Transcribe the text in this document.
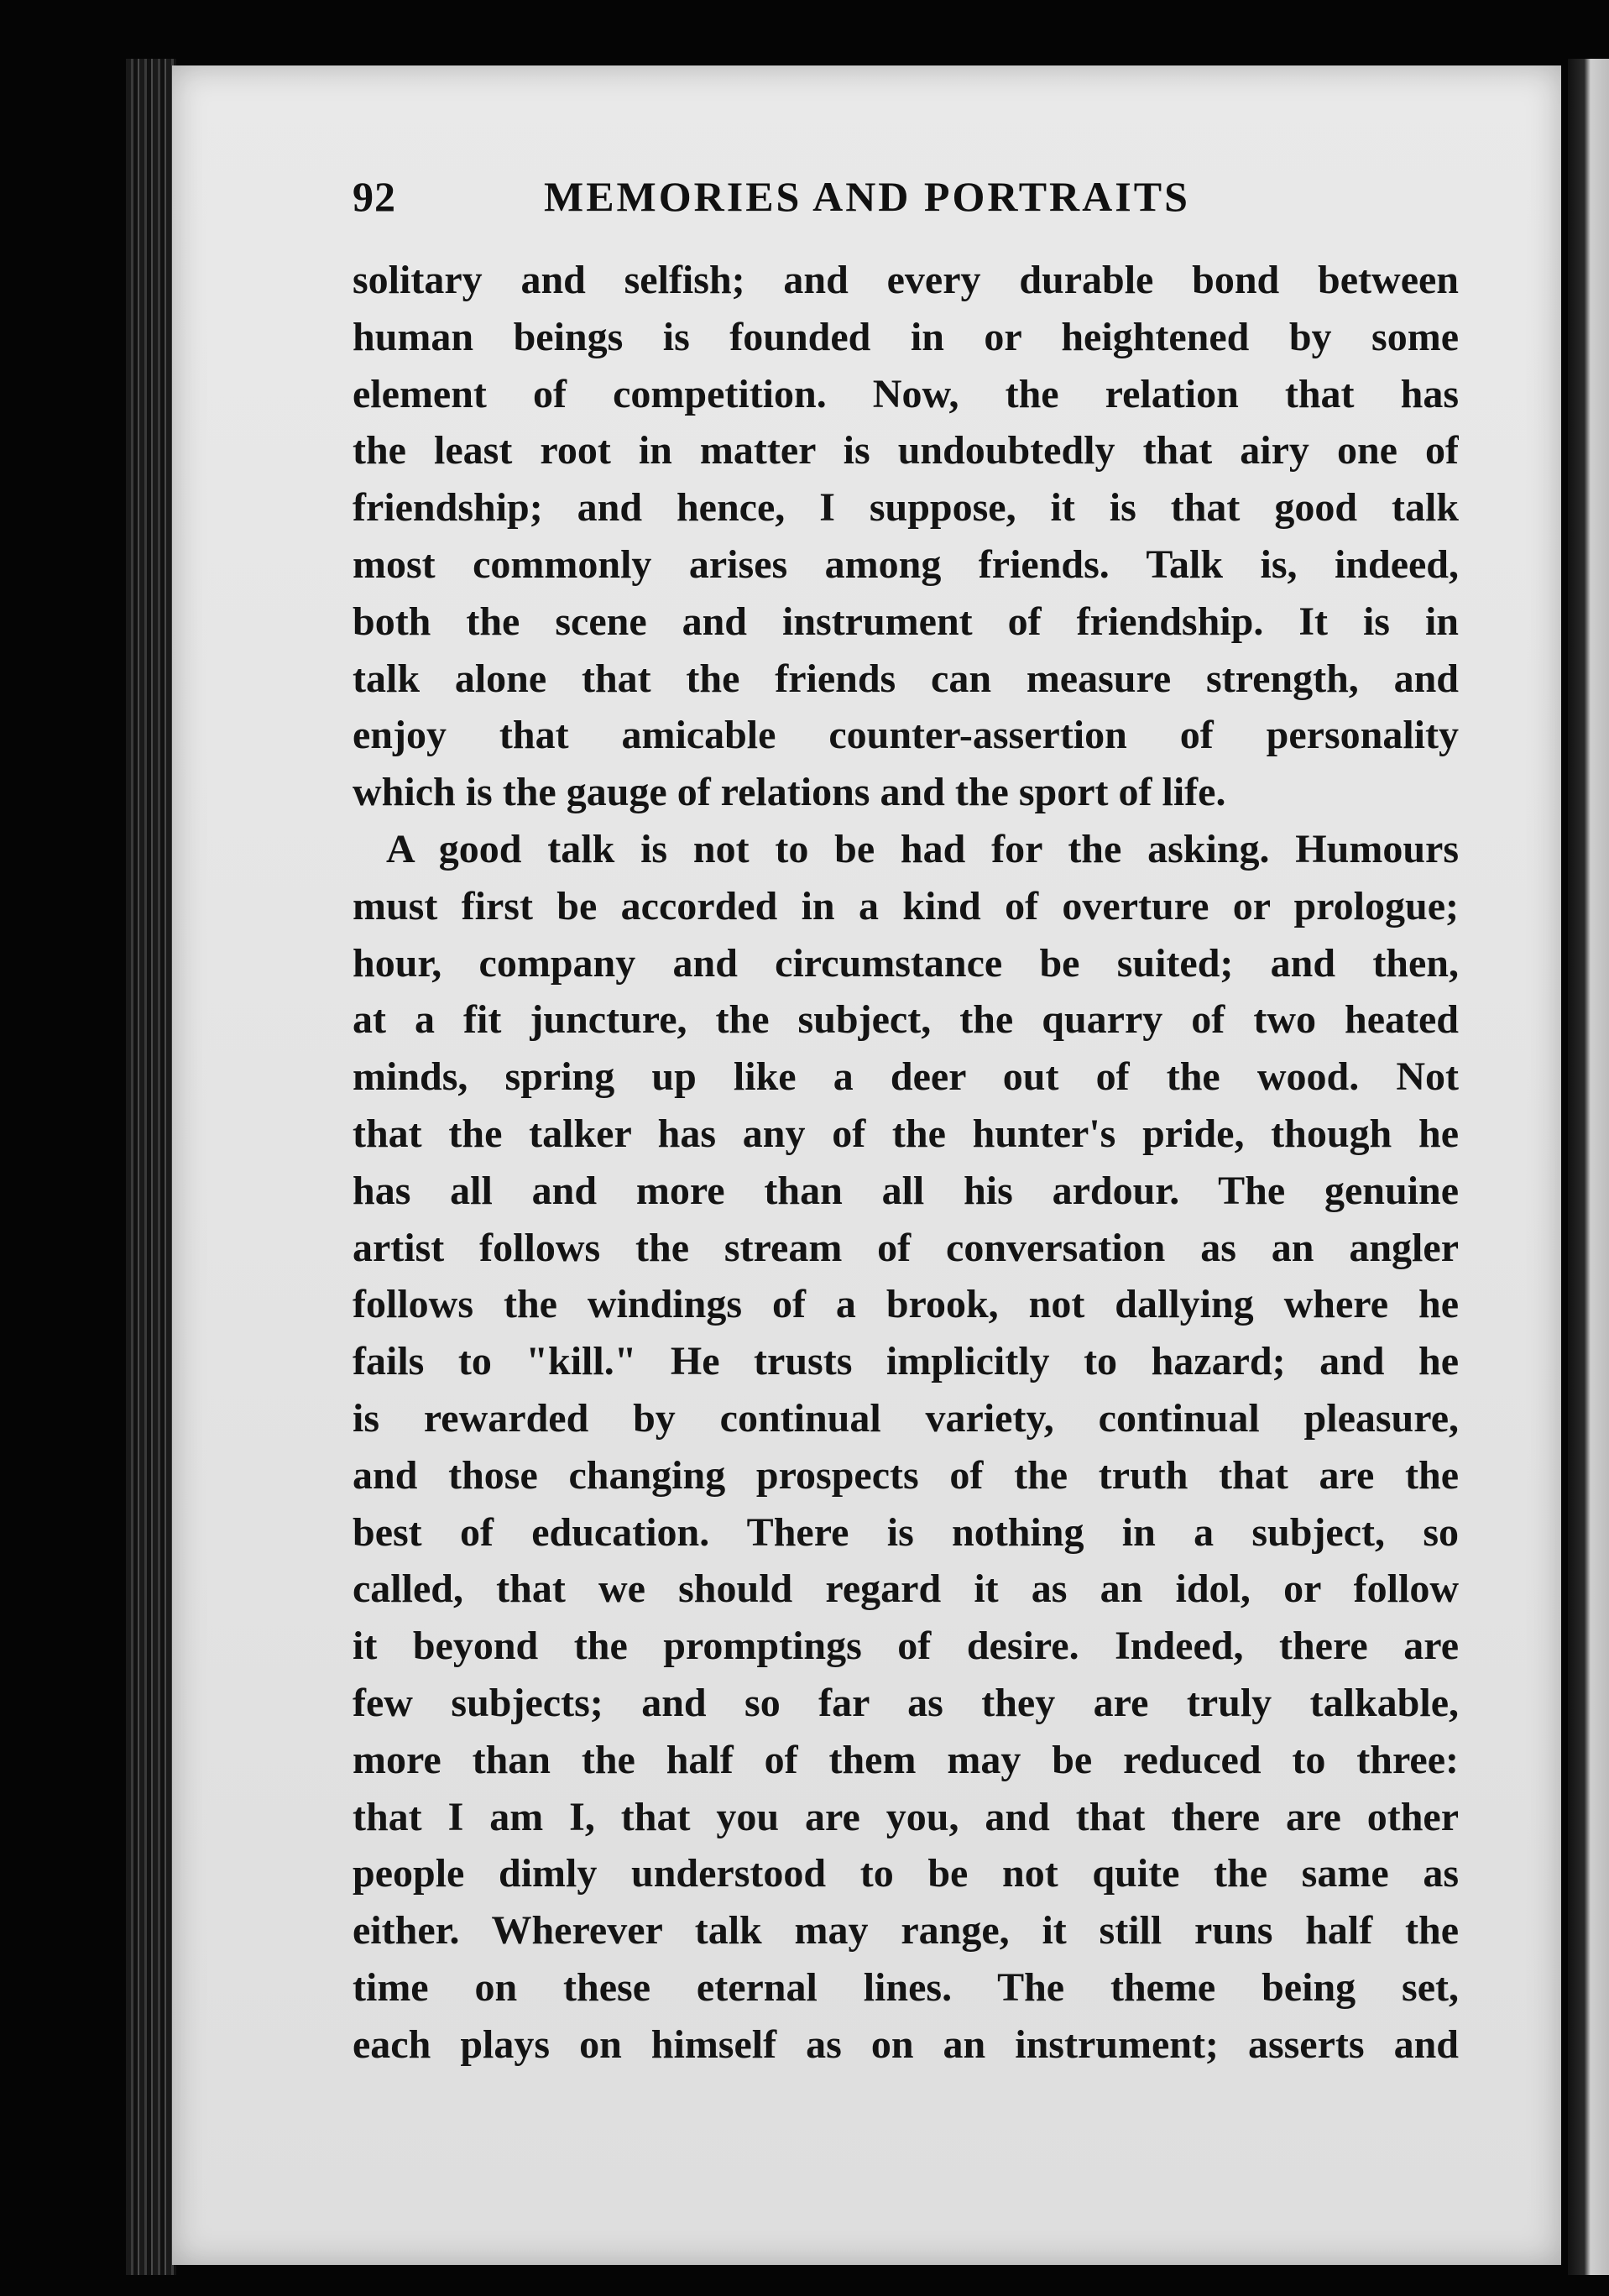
92	MEMORIES AND PORTRAITS
solitary and selfish; and every durable bond between
human beings is founded in or heightened by some
element of competition. Now, the relation that has
the least root in matter is undoubtedly that airy one of
friendship; and hence, I suppose, it is that good talk
most commonly arises among friends. Talk is, indeed,
both the scene and instrument of friendship. It is in
talk alone that the friends can measure strength, and
enjoy that amicable counter-assertion of personality
which is the gauge of relations and the sport of life.
A good talk is not to be had for the asking. Humours
must first be accorded in a kind of overture or prologue;
hour, company and circumstance be suited; and then,
at a fit juncture, the subject, the quarry of two heated
minds, spring up like a deer out of the wood. Not
that the talker has any of the hunter's pride, though he
has all and more than all his ardour. The genuine
artist follows the stream of conversation as an angler
follows the windings of a brook, not dallying where he
fails to "kill." He trusts implicitly to hazard; and he
is rewarded by continual variety, continual pleasure,
and those changing prospects of the truth that are the
best of education. There is nothing in a subject, so
called, that we should regard it as an idol, or follow
it beyond the promptings of desire. Indeed, there are
few subjects; and so far as they are truly talkable,
more than the half of them may be reduced to three:
that I am I, that you are you, and that there are other
people dimly understood to be not quite the same as
either. Wherever talk may range, it still runs half the
time on these eternal lines. The theme being set,
each plays on himself as on an instrument; asserts and
